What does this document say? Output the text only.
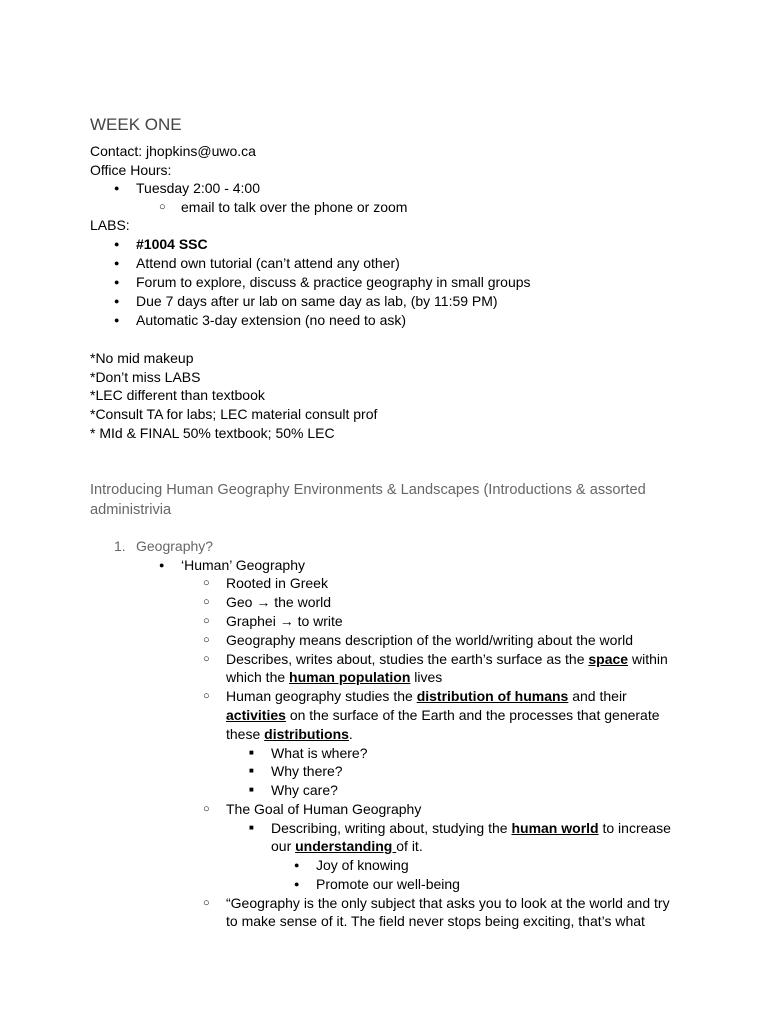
WEEK ONE
Contact: jhopkins@uwo.ca
Office Hours:
● Tuesday 2:00 - 4:00
○ email to talk over the phone or zoom
LABS:
● #1004 SSC
● Attend own tutorial (can’t attend any other)
● Forum to explore, discuss & practice geography in small groups
● Due 7 days after ur lab on same day as lab, (by 11:59 PM)
● Automatic 3-day extension (no need to ask)
*No mid makeup
*Don’t miss LABS
*LEC different than textbook
*Consult TA for labs; LEC material consult prof
* MId & FINAL 50% textbook; 50% LEC
Introducing Human Geography Environments & Landscapes (Introductions & assorted administrivia
1. Geography?
● ‘Human’ Geography
○ Rooted in Greek
○ Geo → the world
○ Graphei → to write
○ Geography means description of the world/writing about the world
○ Describes, writes about, studies the earth’s surface as the space within
which the human population lives
○ Human geography studies the distribution of humans and their
activities on the surface of the Earth and the processes that generate
these distributions.
■ What is where?
■ Why there?
■ Why care?
○ The Goal of Human Geography
■ Describing, writing about, studying the human world to increase
our understanding of it.
● Joy of knowing
● Promote our well-being
○ “Geography is the only subject that asks you to look at the world and try
to make sense of it. The field never stops being exciting, that’s what
